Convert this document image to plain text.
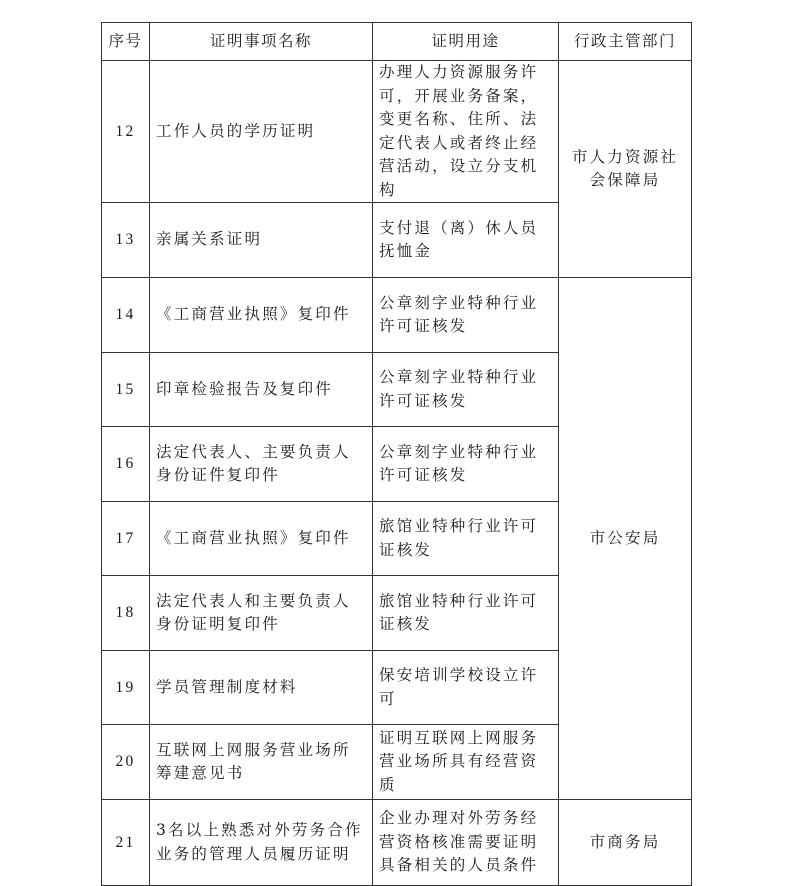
序号	证明事项名称	证明用途	行政主管部门
12	工作人员的学历证明	办理人力资源服务许可，开展业务备案，变更名称、住所、法定代表人或者终止经营活动，设立分支机构	市人力资源社会保障局
13	亲属关系证明	支付退（离）休人员抚恤金	
14	《工商营业执照》复印件	公章刻字业特种行业许可证核发	市公安局
15	印章检验报告及复印件	公章刻字业特种行业许可证核发	
16	法定代表人、主要负责人身份证件复印件	公章刻字业特种行业许可证核发	
17	《工商营业执照》复印件	旅馆业特种行业许可证核发	
18	法定代表人和主要负责人身份证明复印件	旅馆业特种行业许可证核发	
19	学员管理制度材料	保安培训学校设立许可	
20	互联网上网服务营业场所筹建意见书	证明互联网上网服务营业场所具有经营资质	
21	3名以上熟悉对外劳务合作业务的管理人员履历证明	企业办理对外劳务经营资格核准需要证明具备相关的人员条件	市商务局
